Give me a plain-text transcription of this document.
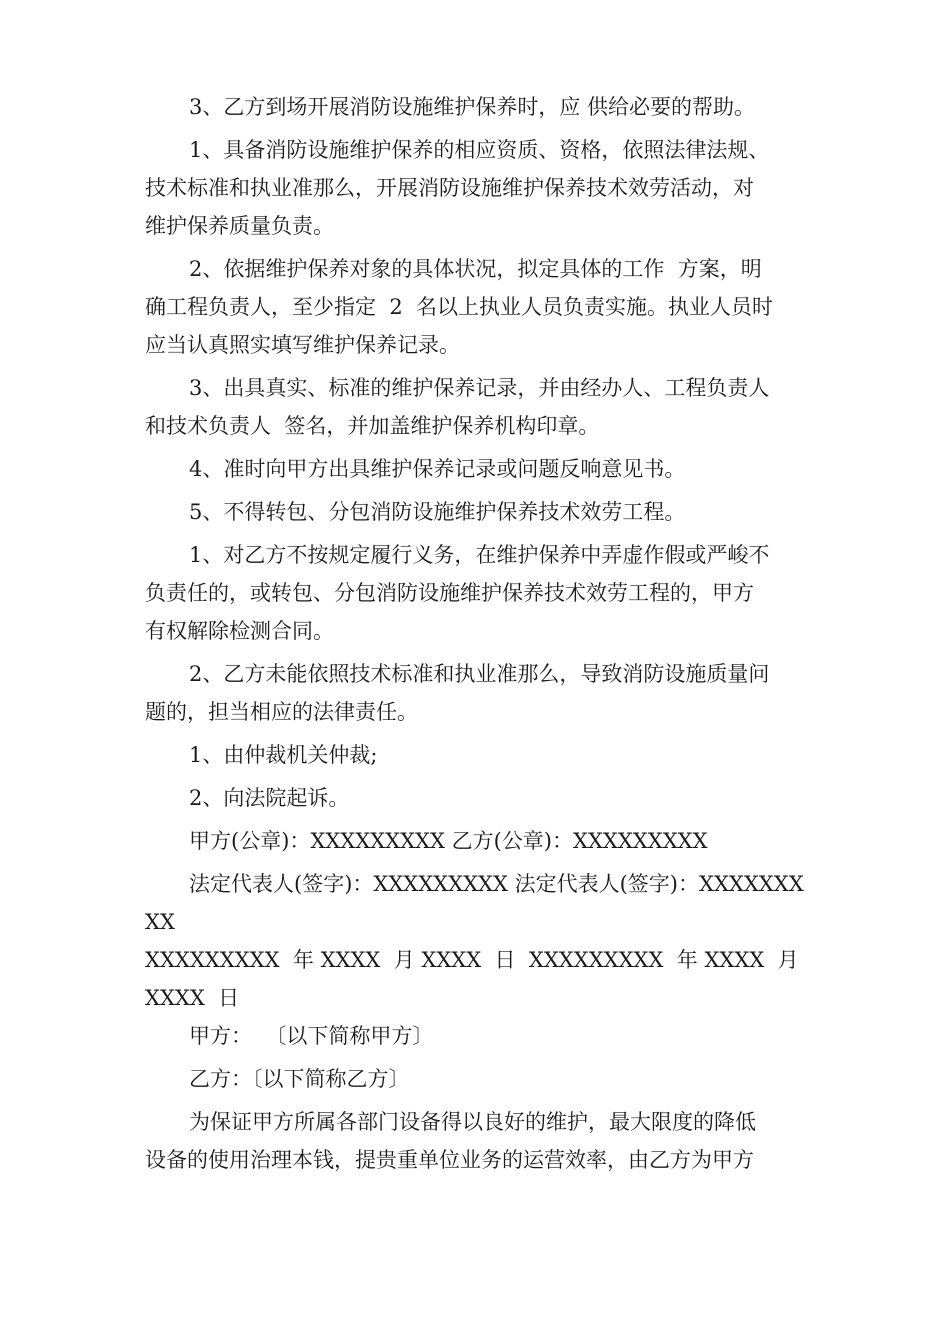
3、乙方到场开展消防设施维护保养时，应 供给必要的帮助。
1、具备消防设施维护保养的相应资质、资格，依照法律法规、
技术标准和执业准那么，开展消防设施维护保养技术效劳活动，对
维护保养质量负责。
2、依据维护保养对象的具体状况，拟定具体的工作  方案，明
确工程负责人，至少指定  2  名以上执业人员负责实施。执业人员时
应当认真照实填写维护保养记录。
3、出具真实、标准的维护保养记录，并由经办人、工程负责人
和技术负责人  签名，并加盖维护保养机构印章。
4、准时向甲方出具维护保养记录或问题反响意见书。
5、不得转包、分包消防设施维护保养技术效劳工程。
1、对乙方不按规定履行义务，在维护保养中弄虚作假或严峻不
负责任的，或转包、分包消防设施维护保养技术效劳工程的，甲方
有权解除检测合同。
2、乙方未能依照技术标准和执业准那么，导致消防设施质量问
题的，担当相应的法律责任。
1、由仲裁机关仲裁;
2、向法院起诉。
甲方(公章)：XXXXXXXXX 乙方(公章)：XXXXXXXXX
法定代表人(签字)：XXXXXXXXX 法定代表人(签字)：XXXXXXXXX
XXXXXXXXX  年 XXXX  月 XXXX  日  XXXXXXXXX  年 XXXX  月 XXXX  日
甲方：  〔以下简称甲方〕
乙方：〔以下简称乙方〕
为保证甲方所属各部门设备得以良好的维护，最大限度的降低
设备的使用治理本钱，提贵重单位业务的运营效率，由乙方为甲方
